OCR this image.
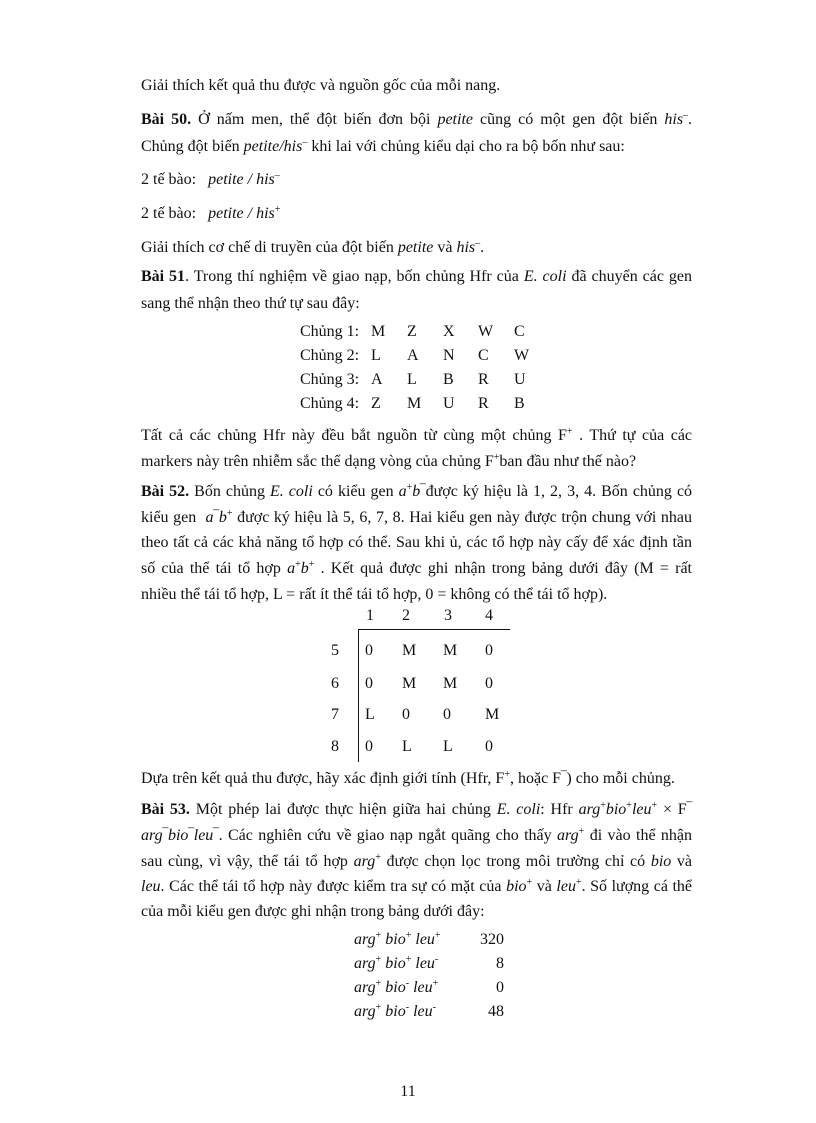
Giải thích kết quả thu được và nguồn gốc của mỗi nang.
Bài 50. Ở nấm men, thể đột biến đơn bội petite cũng có một gen đột biến his–.
Chủng đột biến petite/his– khi lai với chủng kiểu dại cho ra bộ bốn như sau:
2 tế bào: petite / his–
2 tế bào: petite / his+
Giải thích cơ chế di truyền của đột biến petite và his–.
Bài 51. Trong thí nghiệm về giao nạp, bốn chủng Hfr của E. coli đã chuyển các gen
sang thể nhận theo thứ tự sau đây:
Chủng 1: M Z X W C
Chủng 2: L A N C W
Chủng 3: A L B R U
Chủng 4: Z M U R B
Tất cả các chủng Hfr này đều bắt nguồn từ cùng một chủng F+ . Thứ tự của các
markers này trên nhiễm sắc thể dạng vòng của chủng F+ban đầu như thế nào?
Bài 52. Bốn chủng E. coli có kiểu gen a+b‾được ký hiệu là 1, 2, 3, 4. Bốn chủng có
kiểu gen a‾b+ được ký hiệu là 5, 6, 7, 8. Hai kiểu gen này được trộn chung với nhau
theo tất cả các khả năng tổ hợp có thể. Sau khi ủ, các tổ hợp này cấy để xác định tần
số của thể tái tổ hợp a+b+ . Kết quả được ghi nhận trong bảng dưới đây (M = rất
nhiều thể tái tổ hợp, L = rất ít thể tái tổ hợp, 0 = không có thể tái tổ hợp).
1 2 3 4
5 0 M M 0
6 0 M M 0
7 L 0 0 M
8 0 L L 0
Dựa trên kết quả thu được, hãy xác định giới tính (Hfr, F+, hoặc F‾) cho mỗi chủng.
Bài 53. Một phép lai được thực hiện giữa hai chủng E. coli: Hfr arg+bio+leu+ × F‾
arg‾bio‾leu‾. Các nghiên cứu về giao nạp ngắt quãng cho thấy arg+ đi vào thể nhận
sau cùng, vì vậy, thể tái tổ hợp arg+ được chọn lọc trong môi trường chỉ có bio và
leu. Các thể tái tổ hợp này được kiểm tra sự có mặt của bio+ và leu+. Số lượng cá thể
của mỗi kiểu gen được ghi nhận trong bảng dưới đây:
arg+ bio+ leu+	320
arg+ bio+ leu-	8
arg+ bio- leu+	0
arg+ bio- leu-	48
11
